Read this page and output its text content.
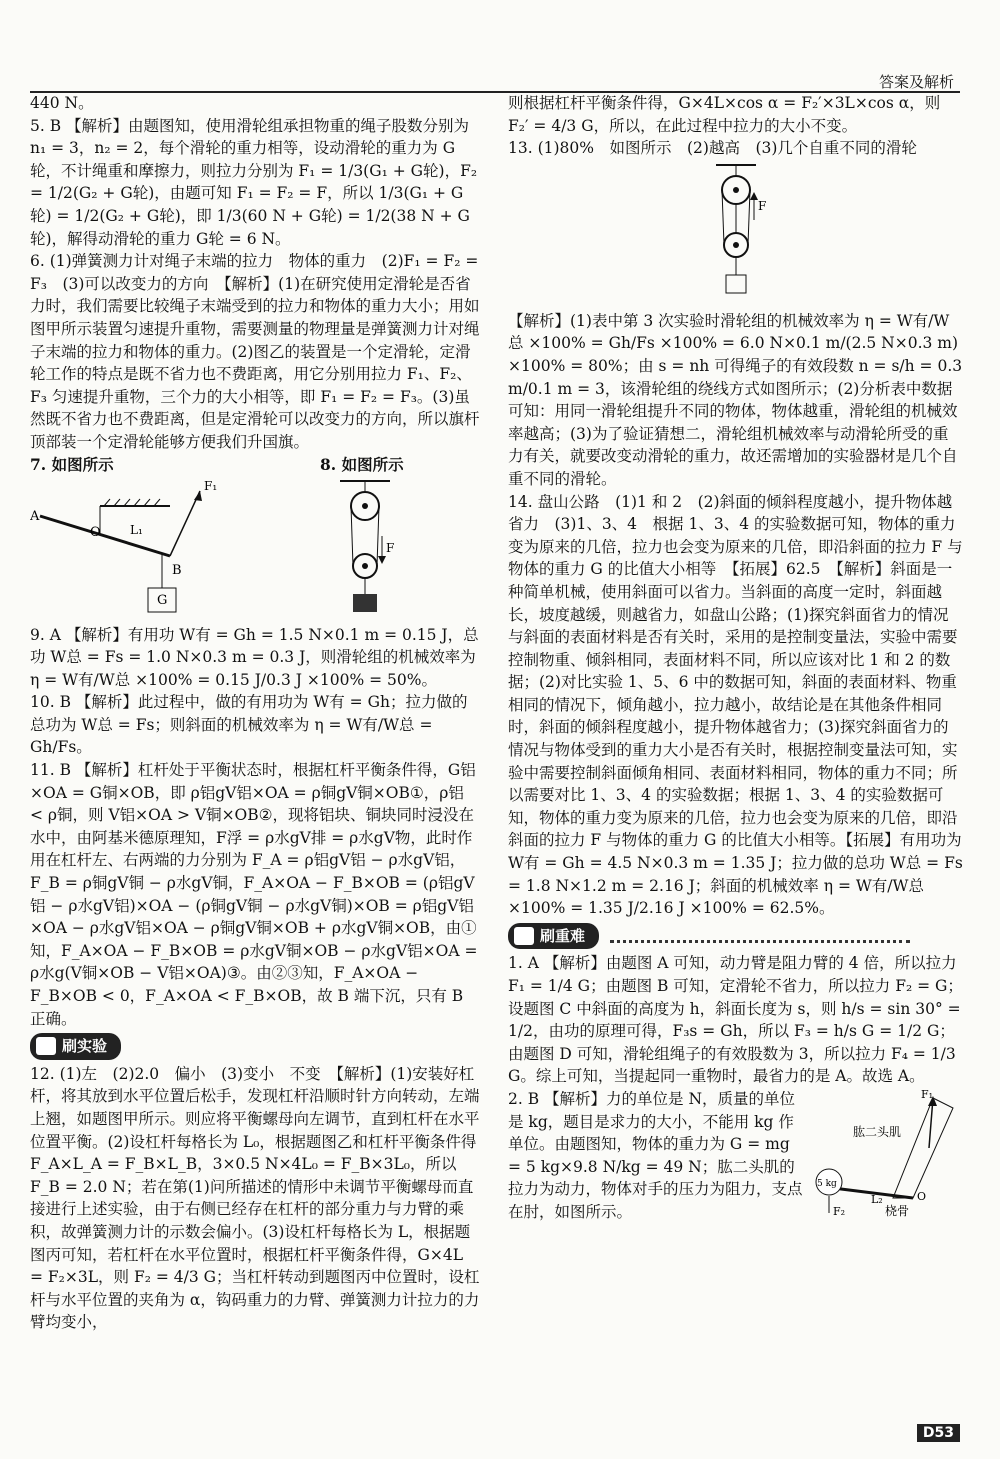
答案及解析

440 N。

5. B 【解析】由题图知，使用滑轮组承担物重的绳子股数分别为 n₁ = 3，n₂ = 2，每个滑轮的重力相等，设动滑轮的重力为 G轮，不计绳重和摩擦力，则拉力分别为 F₁ = 1/3(G₁ + G轮)，F₂ = 1/2(G₂ + G轮)，由题可知 F₁ = F₂ = F，所以 1/3(G₁ + G轮) = 1/2(G₂ + G轮)，即 1/3(60 N + G轮) = 1/2(38 N + G轮)，解得动滑轮的重力 G轮 = 6 N。

6. (1)弹簧测力计对绳子末端的拉力　物体的重力　(2)F₁ = F₂ = F₃　(3)可以改变力的方向　【解析】(1)在研究使用定滑轮是否省力时，我们需要比较绳子末端受到的拉力和物体的重力大小；用如图甲所示装置匀速提升重物，需要测量的物理量是弹簧测力计对绳子末端的拉力和物体的重力。(2)图乙的装置是一个定滑轮，定滑轮工作的特点是既不省力也不费距离，用它分别用拉力 F₁、F₂、F₃ 匀速提升重物，三个力的大小相等，即 F₁ = F₂ = F₃。(3)虽然既不省力也不费距离，但是定滑轮可以改变力的方向，所以旗杆顶部装一个定滑轮能够方便我们升国旗。

7. 如图所示
A
O L₁
F₁
B
G
8. 如图所示
F

9. A 【解析】有用功 W有 = Gh = 1.5 N×0.1 m = 0.15 J，总功 W总 = Fs = 1.0 N×0.3 m = 0.3 J，则滑轮组的机械效率为 η = W有/W总 ×100% = 0.15 J/0.3 J ×100% = 50%。

10. B 【解析】此过程中，做的有用功为 W有 = Gh；拉力做的总功为 W总 = Fs；则斜面的机械效率为 η = W有/W总 = Gh/Fs。

11. B 【解析】杠杆处于平衡状态时，根据杠杆平衡条件得，G铝×OA = G铜×OB，即 ρ铝gV铝×OA = ρ铜gV铜×OB①，ρ铝 < ρ铜，则 V铝×OA > V铜×OB②，现将铝块、铜块同时浸没在水中，由阿基米德原理知，F浮 = ρ水gV排 = ρ水gV物，此时作用在杠杆左、右两端的力分别为 F_A = ρ铝gV铝 − ρ水gV铝，F_B = ρ铜gV铜 − ρ水gV铜，F_A×OA − F_B×OB = (ρ铝gV铝 − ρ水gV铝)×OA − (ρ铜gV铜 − ρ水gV铜)×OB = ρ铝gV铝×OA − ρ水gV铝×OA − ρ铜gV铜×OB + ρ水gV铜×OB，由①知，F_A×OA − F_B×OB = ρ水gV铜×OB − ρ水gV铝×OA = ρ水g(V铜×OB − V铝×OA)③。由②③知，F_A×OA − F_B×OB < 0，F_A×OA < F_B×OB，故 B 端下沉，只有 B 正确。

刷实验

12. (1)左　(2)2.0　偏小　(3)变小　不变　【解析】(1)安装好杠杆，将其放到水平位置后松手，发现杠杆沿顺时针方向转动，左端上翘，如题图甲所示。则应将平衡螺母向左调节，直到杠杆在水平位置平衡。(2)设杠杆每格长为 L₀，根据题图乙和杠杆平衡条件得 F_A×L_A = F_B×L_B，3×0.5 N×4L₀ = F_B×3L₀，所以 F_B = 2.0 N；若在第(1)问所描述的情形中未调节平衡螺母而直接进行上述实验，由于右侧已经存在杠杆的部分重力与力臂的乘积，故弹簧测力计的示数会偏小。(3)设杠杆每格长为 L，根据题图丙可知，若杠杆在水平位置时，根据杠杆平衡条件得，G×4L = F₂×3L，则 F₂ = 4/3 G；当杠杆转动到题图丙中位置时，设杠杆与水平位置的夹角为 α，钩码重力的力臂、弹簧测力计拉力的力臂均变小，

则根据杠杆平衡条件得，G×4L×cos α = F₂′×3L×cos α，则 F₂′ = 4/3 G，所以，在此过程中拉力的大小不变。

13. (1)80%　如图所示　(2)越高　(3)几个自重不同的滑轮

F

【解析】(1)表中第 3 次实验时滑轮组的机械效率为 η = W有/W总 ×100% = Gh/Fs ×100% = 6.0 N×0.1 m/(2.5 N×0.3 m) ×100% = 80%；由 s = nh 可得绳子的有效段数 n = s/h = 0.3 m/0.1 m = 3，该滑轮组的绕线方式如图所示；(2)分析表中数据可知：用同一滑轮组提升不同的物体，物体越重，滑轮组的机械效率越高；(3)为了验证猜想二，滑轮组机械效率与动滑轮所受的重力有关，就要改变动滑轮的重力，故还需增加的实验器材是几个自重不同的滑轮。

14. 盘山公路　(1)1 和 2　(2)斜面的倾斜程度越小，提升物体越省力　(3)1、3、4　根据 1、3、4 的实验数据可知，物体的重力变为原来的几倍，拉力也会变为原来的几倍，即沿斜面的拉力 F 与物体的重力 G 的比值大小相等　【拓展】62.5　【解析】斜面是一种简单机械，使用斜面可以省力。当斜面的高度一定时，斜面越长，坡度越缓，则越省力，如盘山公路；(1)探究斜面省力的情况与斜面的表面材料是否有关时，采用的是控制变量法，实验中需要控制物重、倾斜相同，表面材料不同，所以应该对比 1 和 2 的数据；(2)对比实验 1、5、6 中的数据可知，斜面的表面材料、物重相同的情况下，倾角越小，拉力越小，故结论是在其他条件相同时，斜面的倾斜程度越小，提升物体越省力；(3)探究斜面省力的情况与物体受到的重力大小是否有关时，根据控制变量法可知，实验中需要控制斜面倾角相同、表面材料相同，物体的重力不同；所以需要对比 1、3、4 的实验数据；根据 1、3、4 的实验数据可知，物体的重力变为原来的几倍，拉力也会变为原来的几倍，即沿斜面的拉力 F 与物体的重力 G 的比值大小相等。【拓展】有用功为 W有 = Gh = 4.5 N×0.3 m = 1.35 J；拉力做的总功 W总 = Fs = 1.8 N×1.2 m = 2.16 J；斜面的机械效率 η = W有/W总 ×100% = 1.35 J/2.16 J ×100% = 62.5%。

刷重难

1. A 【解析】由题图 A 可知，动力臂是阻力臂的 4 倍，所以拉力 F₁ = 1/4 G；由题图 B 可知，定滑轮不省力，所以拉力 F₂ = G；设题图 C 中斜面的高度为 h，斜面长度为 s，则 h/s = sin 30° = 1/2，由功的原理可得，F₃s = Gh，所以 F₃ = h/s G = 1/2 G；由题图 D 可知，滑轮组绳子的有效股数为 3，所以拉力 F₄ = 1/3 G。综上可知，当提起同一重物时，最省力的是 A。故选 A。

2. B 【解析】力的单位是 N，质量的单位是 kg，题目是求力的大小，不能用 kg 作单位。由题图知，物体的重力为 G = mg = 5 kg×9.8 N/kg = 49 N；肱二头肌的拉力为动力，物体对手的压力为阻力，支点在肘，如图所示。

F₁
肱二头肌
5 kg
L₂
桡骨
O
F₂
D53
